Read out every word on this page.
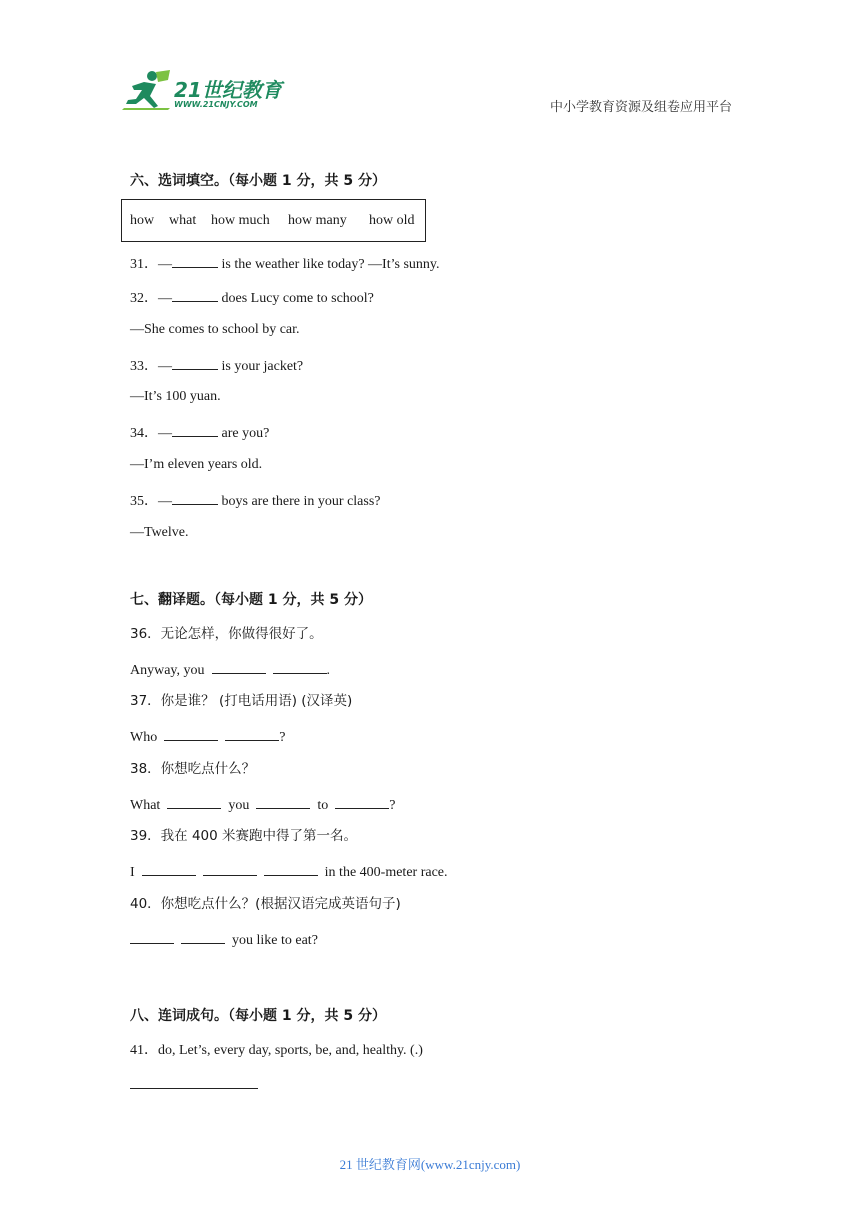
21世纪教育
WWW.21CNJY.COM	中小学教育资源及组卷应用平台
六、选词填空。（每小题 1 分，共 5 分）
how what how much how many how old
31．—	is the weather like today? —It’s sunny.
32．—	does Lucy come to school?
—She comes to school by car.
33．—	is your jacket?
—It’s 100 yuan.
34．—	are you?
—I’m eleven years old.
35．—	boys are there in your class?
—Twelve.
七、翻译题。（每小题 1 分，共 5 分）
36．无论怎样，你做得很好了。
Anyway, you	.
37．你是谁？ (打电话用语) (汉译英)
Who	?
38．你想吃点什么？
What	you	to	?
39．我在 400 米赛跑中得了第一名。
I	in the 400-meter race.
40．你想吃点什么？(根据汉语完成英语句子)
you like to eat?
八、连词成句。（每小题 1 分，共 5 分）
41．do, Let’s, every day, sports, be, and, healthy. (.)
21 世纪教育网(www.21cnjy.com)
